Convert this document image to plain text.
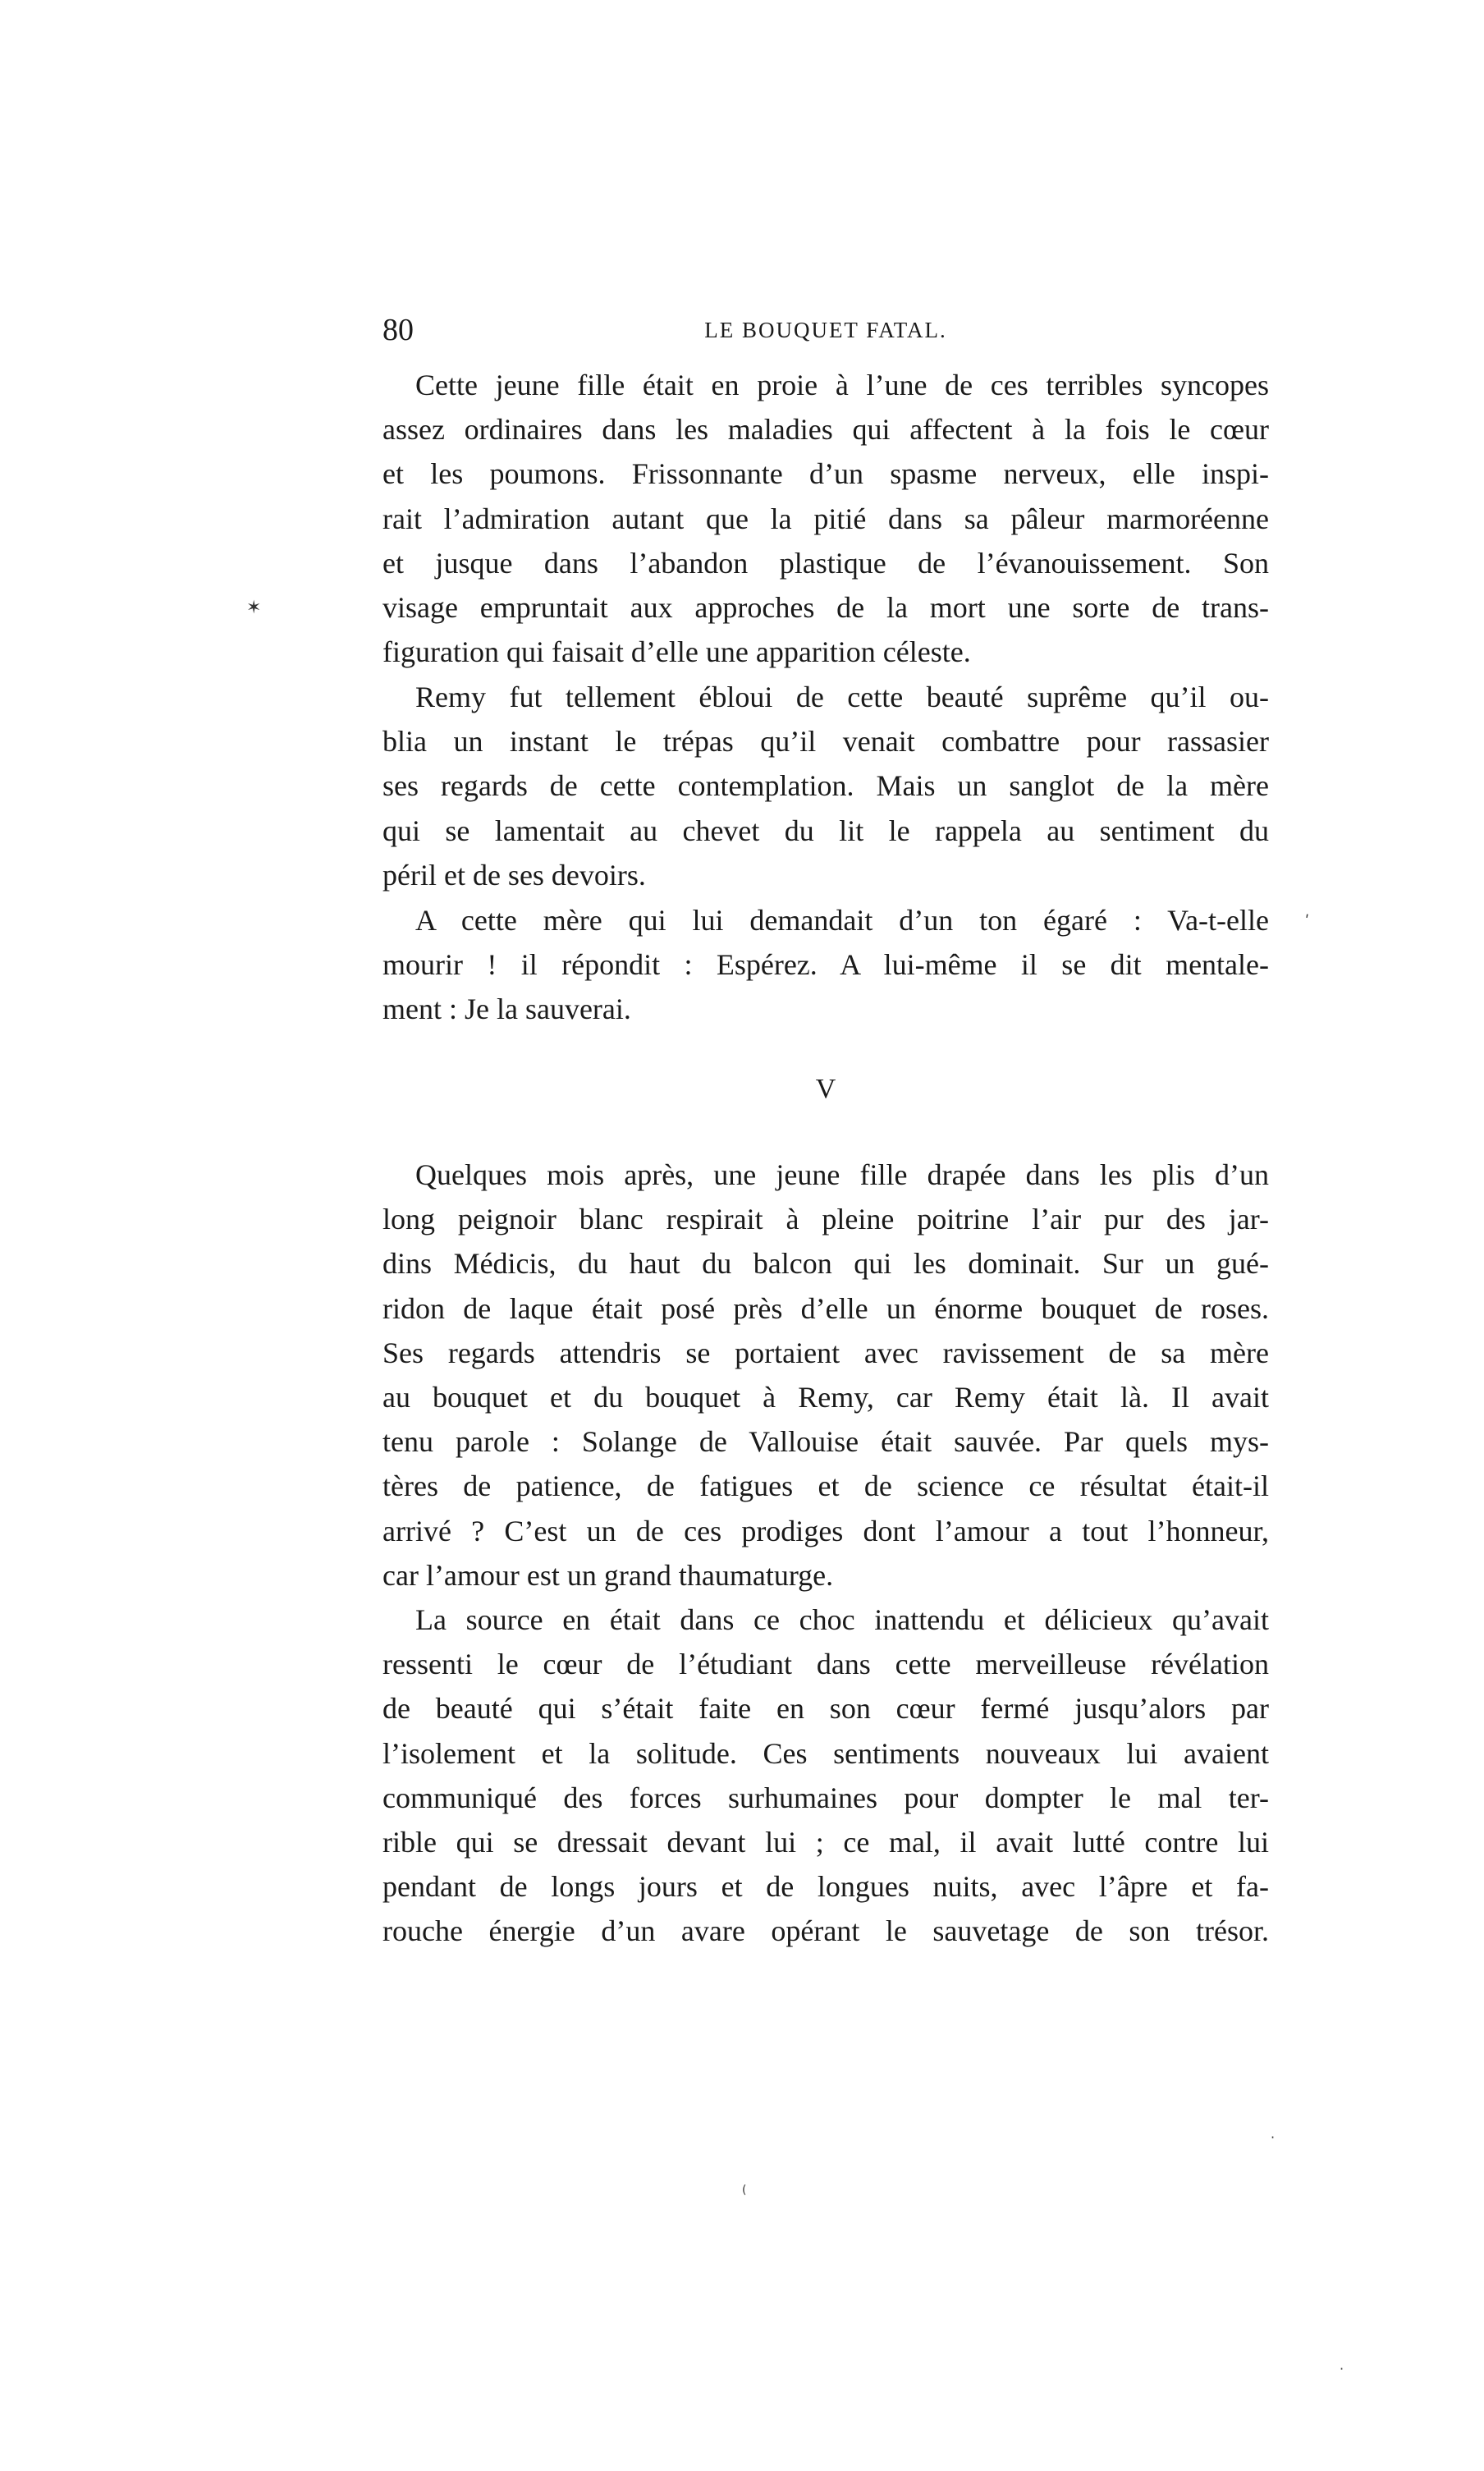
80	LE BOUQUET FATAL.
Cette jeune fille était en proie à l’une de ces terribles syncopes
assez ordinaires dans les maladies qui affectent à la fois le cœur
et les poumons. Frissonnante d’un spasme nerveux, elle inspi-
rait l’admiration autant que la pitié dans sa pâleur marmoréenne
et jusque dans l’abandon plastique de l’évanouissement. Son
visage empruntait aux approches de la mort une sorte de trans-
figuration qui faisait d’elle une apparition céleste.
Remy fut tellement ébloui de cette beauté suprême qu’il ou-
blia un instant le trépas qu’il venait combattre pour rassasier
ses regards de cette contemplation. Mais un sanglot de la mère
qui se lamentait au chevet du lit le rappela au sentiment du
péril et de ses devoirs.
A cette mère qui lui demandait d’un ton égaré : Va-t-elle
mourir ! il répondit : Espérez. A lui-même il se dit mentale-
ment : Je la sauverai.
V
Quelques mois après, une jeune fille drapée dans les plis d’un
long peignoir blanc respirait à pleine poitrine l’air pur des jar-
dins Médicis, du haut du balcon qui les dominait. Sur un gué-
ridon de laque était posé près d’elle un énorme bouquet de roses.
Ses regards attendris se portaient avec ravissement de sa mère
au bouquet et du bouquet à Remy, car Remy était là. Il avait
tenu parole : Solange de Vallouise était sauvée. Par quels mys-
tères de patience, de fatigues et de science ce résultat était-il
arrivé ? C’est un de ces prodiges dont l’amour a tout l’honneur,
car l’amour est un grand thaumaturge.
La source en était dans ce choc inattendu et délicieux qu’avait
ressenti le cœur de l’étudiant dans cette merveilleuse révélation
de beauté qui s’était faite en son cœur fermé jusqu’alors par
l’isolement et la solitude. Ces sentiments nouveaux lui avaient
communiqué des forces surhumaines pour dompter le mal ter-
rible qui se dressait devant lui ; ce mal, il avait lutté contre lui
pendant de longs jours et de longues nuits, avec l’âpre et fa-
rouche énergie d’un avare opérant le sauvetage de son trésor.
✶
ʹ
·
(
·
